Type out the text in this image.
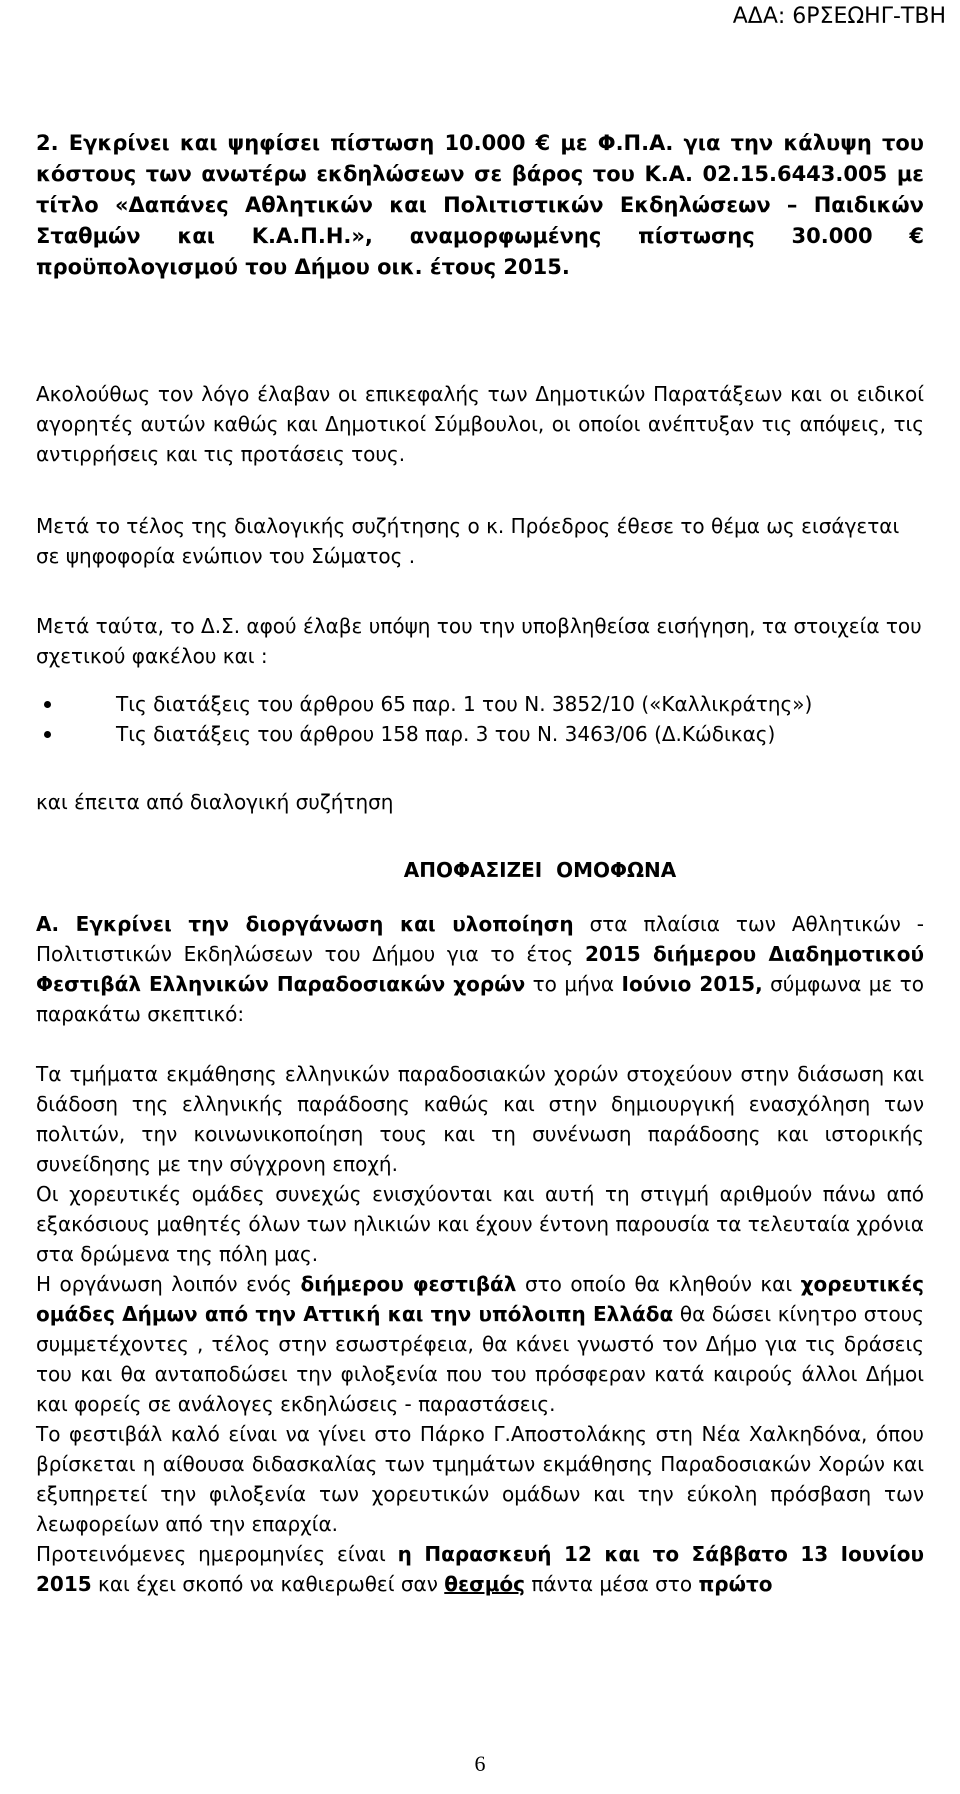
ΑΔΑ: 6ΡΣΕΩΗΓ-ΤΒΗ

2. Εγκρίνει και ψηφίσει πίστωση 10.000 € με Φ.Π.Α. για την κάλυψη του κόστους των ανωτέρω εκδηλώσεων σε βάρος του Κ.Α. 02.15.6443.005 με τίτλο «Δαπάνες Αθλητικών και Πολιτιστικών Εκδηλώσεων – Παιδικών Σταθμών και Κ.Α.Π.Η.», αναμορφωμένης πίστωσης 30.000 € προϋπολογισμού του Δήμου οικ. έτους 2015.

Ακολούθως τον λόγο έλαβαν οι επικεφαλής των Δημοτικών Παρατάξεων και οι ειδικοί αγορητές αυτών καθώς και Δημοτικοί Σύμβουλοι, οι οποίοι ανέπτυξαν τις απόψεις, τις αντιρρήσεις και τις προτάσεις τους.

Μετά το τέλος της διαλογικής συζήτησης ο κ. Πρόεδρος έθεσε το θέμα ως εισάγεται σε ψηφοφορία ενώπιον του Σώματος .

Μετά ταύτα, το Δ.Σ. αφού έλαβε υπόψη του την υποβληθείσα εισήγηση, τα στοιχεία του σχετικού φακέλου και :

Τις διατάξεις του άρθρου 65 παρ. 1 του Ν. 3852/10 («Καλλικράτης»)
Τις διατάξεις του άρθρου 158 παρ. 3 του Ν. 3463/06 (Δ.Κώδικας)

και έπειτα από διαλογική συζήτηση

ΑΠΟΦΑΣΙΖΕΙ  ΟΜΟΦΩΝΑ

Α. Εγκρίνει την διοργάνωση και υλοποίηση στα πλαίσια των Αθλητικών - Πολιτιστικών Εκδηλώσεων του Δήμου για το έτος 2015 διήμερου Διαδημοτικού Φεστιβάλ Ελληνικών Παραδοσιακών χορών το μήνα Ιούνιο 2015, σύμφωνα με το παρακάτω σκεπτικό:

Τα τμήματα εκμάθησης ελληνικών παραδοσιακών χορών στοχεύουν στην διάσωση και διάδοση της ελληνικής παράδοσης καθώς και στην δημιουργική ενασχόληση των πολιτών, την κοινωνικοποίηση τους και τη συνένωση παράδοσης και ιστορικής συνείδησης με την σύγχρονη εποχή.

Οι χορευτικές ομάδες συνεχώς ενισχύονται και αυτή τη στιγμή αριθμούν πάνω από εξακόσιους μαθητές όλων των ηλικιών και έχουν έντονη παρουσία τα τελευταία χρόνια στα δρώμενα της πόλη μας.

Η οργάνωση λοιπόν ενός διήμερου φεστιβάλ στο οποίο θα κληθούν και χορευτικές ομάδες Δήμων από την Αττική και την υπόλοιπη Ελλάδα θα δώσει κίνητρο στους συμμετέχοντες , τέλος στην εσωστρέφεια, θα κάνει γνωστό τον Δήμο για τις δράσεις του και θα ανταποδώσει την φιλοξενία που του πρόσφεραν κατά καιρούς άλλοι Δήμοι και φορείς σε ανάλογες εκδηλώσεις - παραστάσεις.

Το φεστιβάλ καλό είναι να γίνει στο Πάρκο Γ.Αποστολάκης στη Νέα Χαλκηδόνα, όπου βρίσκεται η αίθουσα διδασκαλίας των τμημάτων εκμάθησης Παραδοσιακών Χορών και εξυπηρετεί την φιλοξενία των χορευτικών ομάδων και την εύκολη πρόσβαση των λεωφορείων από την επαρχία.

Προτεινόμενες ημερομηνίες είναι η Παρασκευή 12 και το Σάββατο 13 Ιουνίου 2015 και έχει σκοπό να καθιερωθεί σαν θεσμός πάντα μέσα στο πρώτο

6
